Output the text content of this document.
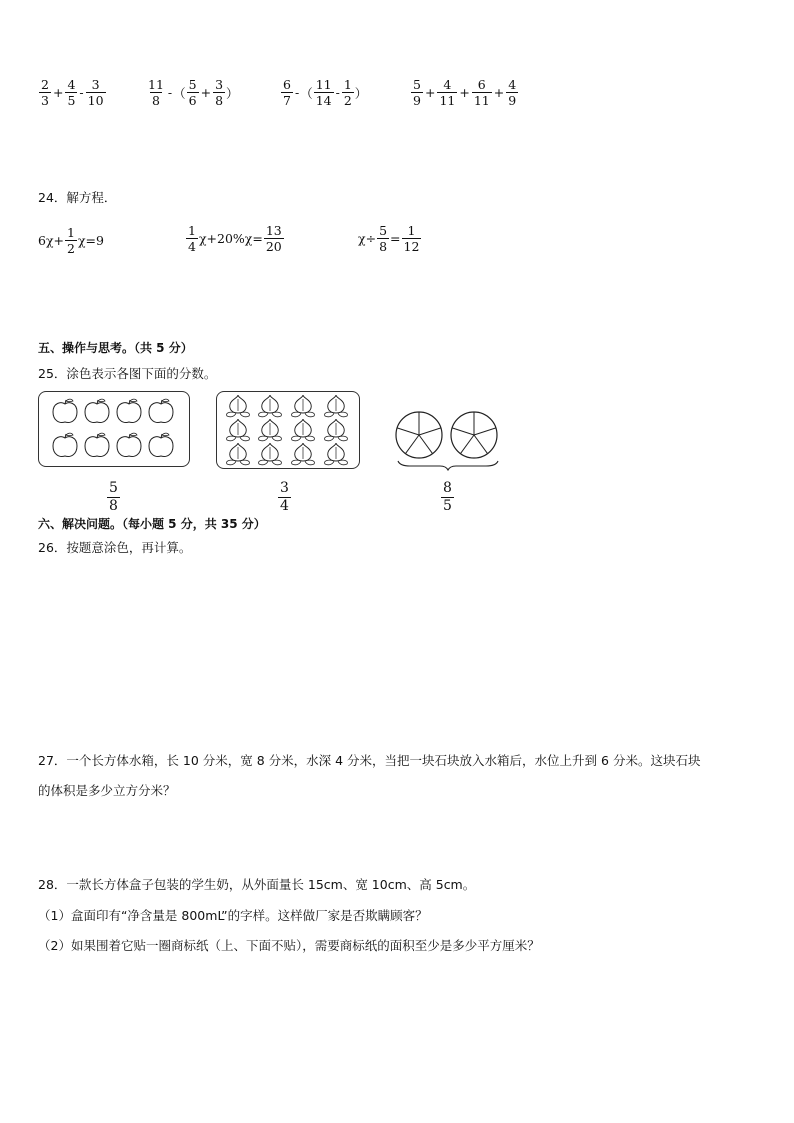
$\frac{2}{3} + \frac{4}{5} - \frac{3}{10}$	$\frac{11}{8}$ - （ $\frac{5}{6} + \frac{3}{8}$ ）	$\frac{6}{7}$ - （ $\frac{11}{14} - \frac{1}{2}$ ）	$\frac{5}{9} + \frac{4}{11} + \frac{6}{11} + \frac{4}{9}$
24．解方程．
$6\chi+ \frac{1}{2} \chi=9$	$\frac{1}{4} \chi+20\%\chi= \frac{13}{20}$	$\chi\div \frac{5}{8} = \frac{1}{12}$
五、操作与思考。（共 5 分）
25．涂色表示各图下面的分数。
$\frac{5}{8}$	$\frac{3}{4}$	$\frac{8}{5}$
六、解决问题。（每小题 5 分，共 35 分）
26．按题意涂色，再计算。
27．一个长方体水箱，长 10 分米，宽 8 分米，水深 4 分米，当把一块石块放入水箱后，水位上升到 6 分米。这块石块
的体积是多少立方分米？
28．一款长方体盒子包装的学生奶，从外面量长 15cm、宽 10cm、高 5cm。
（1）盒面印有“净含量是 800mL”的字样。这样做厂家是否欺瞒顾客？
（2）如果围着它贴一圈商标纸（上、下面不贴），需要商标纸的面积至少是多少平方厘米？
